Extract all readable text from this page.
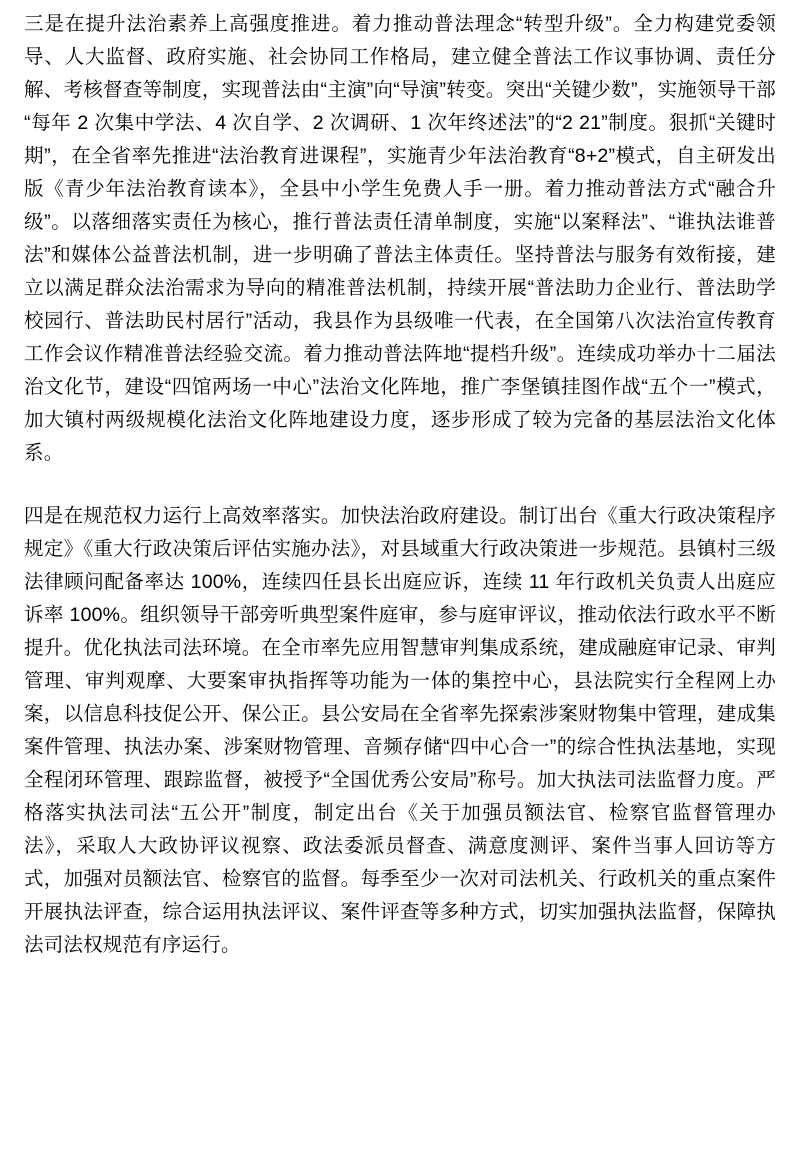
三是在提升法治素养上高强度推进。着力推动普法理念“转型升级”。全力构建党委领导、人大监督、政府实施、社会协同工作格局，建立健全普法工作议事协调、责任分解、考核督查等制度，实现普法由“主演”向“导演”转变。突出“关键少数”，实施领导干部“每年 2 次集中学法、4 次自学、2 次调研、1 次年终述法”的“2 21”制度。狠抓“关键时期”，在全省率先推进“法治教育进课程”，实施青少年法治教育“8+2”模式，自主研发出版《青少年法治教育读本》，全县中小学生免费人手一册。着力推动普法方式“融合升级”。以落细落实责任为核心，推行普法责任清单制度，实施“以案释法”、“谁执法谁普法”和媒体公益普法机制，进一步明确了普法主体责任。坚持普法与服务有效衔接，建立以满足群众法治需求为导向的精准普法机制，持续开展“普法助力企业行、普法助学校园行、普法助民村居行”活动，我县作为县级唯一代表，在全国第八次法治宣传教育工作会议作精准普法经验交流。着力推动普法阵地“提档升级”。连续成功举办十二届法治文化节，建设“四馆两场一中心”法治文化阵地，推广李堡镇挂图作战“五个一”模式，加大镇村两级规模化法治文化阵地建设力度，逐步形成了较为完备的基层法治文化体系。

四是在规范权力运行上高效率落实。加快法治政府建设。制订出台《重大行政决策程序规定》《重大行政决策后评估实施办法》，对县域重大行政决策进一步规范。县镇村三级法律顾问配备率达 100%，连续四任县长出庭应诉，连续 11 年行政机关负责人出庭应诉率 100%。组织领导干部旁听典型案件庭审，参与庭审评议，推动依法行政水平不断提升。优化执法司法环境。在全市率先应用智慧审判集成系统，建成融庭审记录、审判管理、审判观摩、大要案审执指挥等功能为一体的集控中心，县法院实行全程网上办案，以信息科技促公开、保公正。县公安局在全省率先探索涉案财物集中管理，建成集案件管理、执法办案、涉案财物管理、音频存储“四中心合一”的综合性执法基地，实现全程闭环管理、跟踪监督，被授予“全国优秀公安局”称号。加大执法司法监督力度。严格落实执法司法“五公开”制度，制定出台《关于加强员额法官、检察官监督管理办法》，采取人大政协评议视察、政法委派员督查、满意度测评、案件当事人回访等方式，加强对员额法官、检察官的监督。每季至少一次对司法机关、行政机关的重点案件开展执法评查，综合运用执法评议、案件评查等多种方式，切实加强执法监督，保障执法司法权规范有序运行。
